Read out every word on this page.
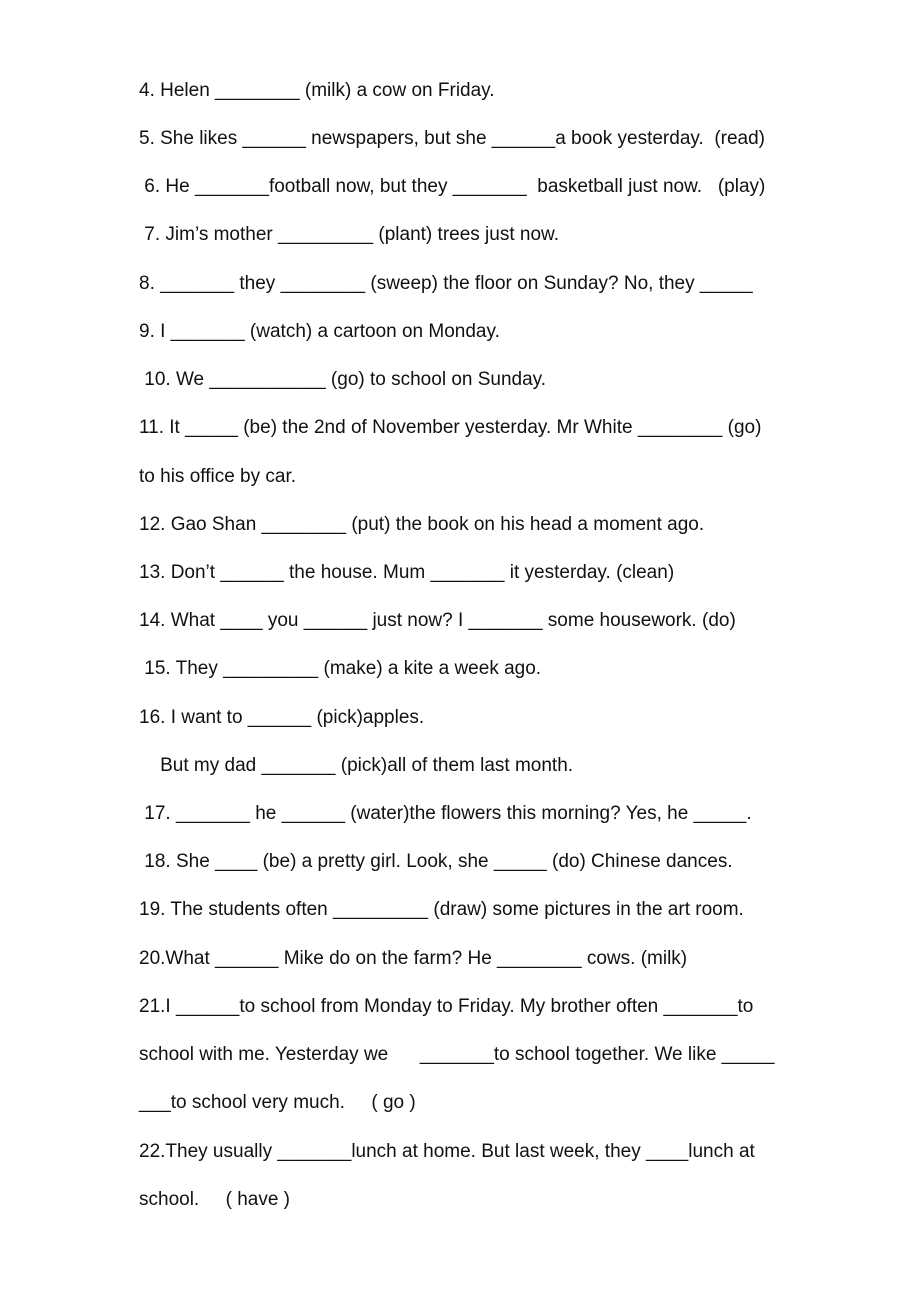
4. Helen ________ (milk) a cow on Friday.
5. She likes ______ newspapers, but she ______a book yesterday.  (read)
6. He _______football now, but they _______  basketball just now.   (play)
7. Jim’s mother _________ (plant) trees just now.
8. _______ they ________ (sweep) the floor on Sunday? No, they _____
9. I _______ (watch) a cartoon on Monday.
10. We ___________ (go) to school on Sunday.
11. It _____ (be) the 2nd of November yesterday. Mr White ________ (go)
to his office by car.
12. Gao Shan ________ (put) the book on his head a moment ago.
13. Don’t ______ the house. Mum _______ it yesterday. (clean)
14. What ____ you ______ just now? I _______ some housework. (do)
15. They _________ (make) a kite a week ago.
16. I want to ______ (pick)apples.
But my dad _______ (pick)all of them last month.
17. _______ he ______ (water)the flowers this morning? Yes, he _____.
18. She ____ (be) a pretty girl. Look, she _____ (do) Chinese dances.
19. The students often _________ (draw) some pictures in the art room.
20.What ______ Mike do on the farm? He ________ cows. (milk)
21.I ______to school from Monday to Friday. My brother often _______to
school with me. Yesterday we      _______to school together. We like _____
___to school very much.     ( go )
22.They usually _______lunch at home. But last week, they ____lunch at
school.     ( have )
